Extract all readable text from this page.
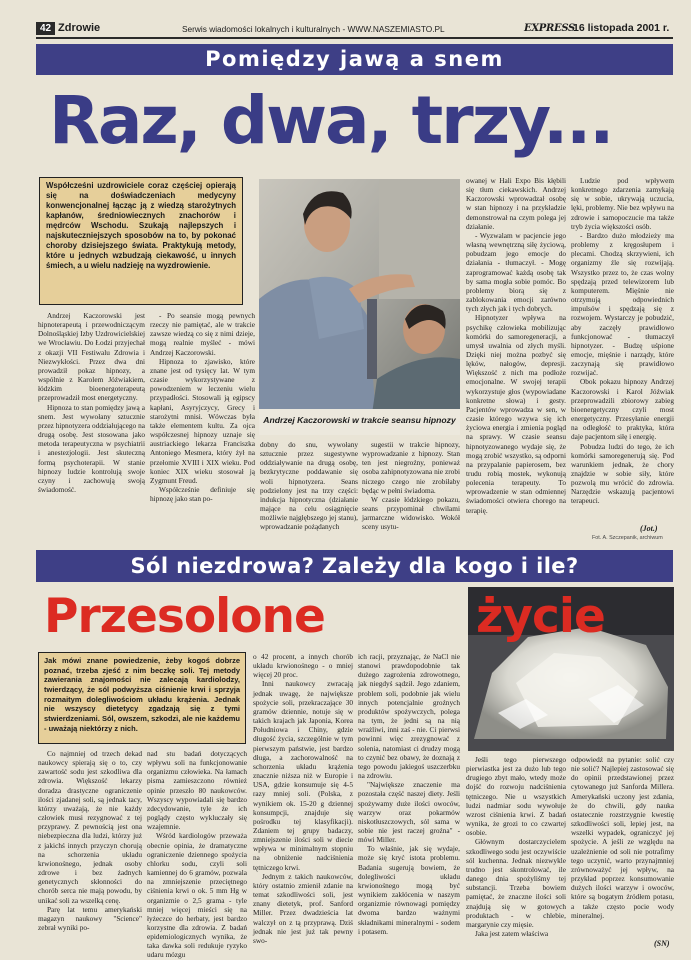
42 Zdrowie	Serwis wiadomości lokalnych i kulturalnych - WWW.NASZEMIASTO.PL	EXPRESS
16 listopada 2001 r.
Pomiędzy jawą a snem
Raz, dwa, trzy...
Współcześni uzdrowiciele coraz częściej opierają się na doświadczeniach medycyny konwencjonalnej łącząc ją z wiedzą starożytnych kapłanów, średniowiecznych znachorów i mędrców Wschodu. Szukają najlepszych i najskuteczniejszych sposobów na to, by pokonać choroby dzisiejszego świata. Praktykują metody, które u jednych wzbudzają ciekawość, u innych śmiech, a u wielu nadzieję na wyzdrowienie.
Andrzej Kaczorowski w trakcie seansu hipnozy

Andrzej Kaczorowski jest hipnoterapeutą i przewodniczącym Dolnośląskiej Izby Uzdrowicielskiej we Wrocławiu. Do Łodzi przyjechał z okazji VII Festiwalu Zdrowia i Niezwykłości. Przez dwa dni prowadził pokaz hipnozy, a wspólnie z Karolem Jóźwiakiem, łódzkim bioenergoterapeutą przeprowadził most energetyczny.

Hipnoza to stan pomiędzy jawą a snem. Jest wywołany sztucznie przez hipnotyzera oddziałującego na drugą osobę. Jest stosowana jako metoda terapeutyczna w psychiatrii i anestezjologii. Jest skuteczną formą psychoterapii. W stanie hipnozy ludzie kontrolują swoje czyny i zachowują swoją świadomość.

- Po seansie mogą pewnych rzeczy nie pamiętać, ale w trakcie zawsze wiedzą co się z nimi dzieje, mogą realnie myśleć - mówi Andrzej Kaczorowski.

Hipnoza to zjawisko, które znane jest od tysięcy lat. W tym czasie wykorzystywane z powodzeniem w leczeniu wielu przypadłości. Stosowali ją egipscy kapłani, Asyryjczycy, Grecy i starożytni mnisi. Wówczas była także elementem kultu. Za ojca współczesnej hipnozy uznaje się austriackiego lekarza Franciszka Antoniego Mesmera, który żył na przełomie XVIII i XIX wieku. Pod koniec XIX wieku stosował ją Zygmunt Freud.

Współcześnie definiuje się hipnozę jako stan po-

dobny do snu, wywołany sztucznie przez sugestywne oddziaływanie na drugą osobę, bezkrytyczne poddawanie się woli hipnotyzera. Seans podzielony jest na trzy części: indukcja hipnotyczna (działanie mające na celu osiągnięcie możliwie najgłębszego jej stanu), wprowadzanie pożądanych

sugestii w trakcie hipnozy, wyprowadzanie z hipnozy. Stan ten jest niegroźny, ponieważ osoba zahipnotyzowana nie zrobi niczego czego nie zrobiłaby będąc w pełni świadoma.

W czasie łódzkiego pokazu, seans przypominał chwilami jarmarczne widowisko. Wokół sceny usytu-

owanej w Hali Expo Bis kłębili się tłum ciekawskich. Andrzej Kaczorowski wprowadzał osobę w stan hipnozy i na przykładzie demonstrował na czym polega jej działanie.

- Wyzwalam w pacjencie jego własną wewnętrzną siłę życiową, pobudzam jego emocje do działania - tłumaczył. - Mogę zaprogramować każdą osobę tak by sama mogła sobie pomóc. Bo problemy biorą się z zablokowania emocji zarówno tych złych jak i tych dobrych.

Hipnotyzer wpływa na psychikę człowieka mobilizując komórki do samoregeneracji, a umysł uwalnia od złych myśli. Dzięki niej można pozbyć się lęków, nałogów, depresji. Większość z nich ma podłoże emocjonalne. W swojej terapii wykorzystuje głos (wypowiadane konkretne słowa) i gesty. Pacjentów wprowadza w sen, w czasie którego wzywa się ich życiowa energia i zmienia pogląd na sprawy. W czasie seansu hipnotyzowanego wydaje się, że mogą zrobić wszystko, są odporni na przypalanie papierosem, bez trudu robią mostek, wykonują polecenia terapeuty. To wprowadzenie w stan odmiennej świadomości otwiera chorego na terapię.

Ludzie pod wpływem konkretnego zdarzenia zamykają się w sobie, ukrywają uczucia, lęki, problemy. Nie bez wpływu na zdrowie i samopoczucie ma także tryb życia większości osób.

- Bardzo dużo młodzieży ma problemy z kręgosłupem i plecami. Chodzą skrzywieni, ich organizmy źle się rozwijają. Wszystko przez to, że czas wolny spędzają przed telewizorem lub komputerem. Mięśnie nie otrzymują odpowiednich impulsów i spędzają się z rozwojem. Wystarczy je pobudzić, aby zaczęły prawidłowo funkcjonować - tłumaczył hipnotyzer. - Budzę uśpione emocje, mięśnie i narządy, które zaczynają się prawidłowo rozwijać.

Obok pokazu hipnozy Andrzej Kaczorowski i Karol Jóźwiak przeprowadzili zbiorowy zabieg bioenergetyczny czyli most energetyczny. Przesyłanie energii na odległość to praktyka, która daje pacjentom siłę i energię.

Pobudza ludzi do tego, że ich komórki samoregenerują się. Pod warunkiem jednak, że chory znajdzie w sobie siły, które pozwolą mu wrócić do zdrowia. Narzędzie wskazują pacjentowi terapeuci.

(Jot.)
Fot. A. Szczepanik, archiwum
Sól niezdrowa? Zależy dla kogo i ile?
Przesolone	życie
Jak mówi znane powiedzenie, żeby kogoś dobrze poznać, trzeba zjeść z nim beczkę soli. Tej metody zawierania znajomości nie zalecają kardiolodzy, twierdzący, że sól podwyższa ciśnienie krwi i sprzyja rozmaitym dolegliwościom układu krążenia. Jednak nie wszyscy dietetycy zgadzają się z tymi stwierdzeniami. Sól, owszem, szkodzi, ale nie każdemu - uważają niektórzy z nich.

Co najmniej od trzech dekad naukowcy spierają się o to, czy zawartość sodu jest szkodliwa dla zdrowia. Większość lekarzy doradza drastyczne ograniczenie ilości zjadanej soli, są jednak tacy, którzy uważają, że nie każdy człowiek musi rezygnować z tej przyprawy. Z pewnością jest ona niebezpieczna dla ludzi, którzy już z jakichś innych przyczyn chorują na schorzenia układu krwionośnego, jednak osoby zdrowe i bez żadnych genetycznych skłonności do chorób serca nie mają powodu, by unikać soli za wszelką cenę.

Parę lat temu amerykański magazyn naukowy "Science" zebrał wyniki po-

nad stu badań dotyczących wpływu soli na funkcjonowanie organizmu człowieka. Na łamach pisma zamieszczono również opinie przeszło 80 naukowców. Wszyscy wypowiadali się bardzo zdecydowanie, tyle że ich poglądy często wykluczały się wzajemnie.

Wśród kardiologów przeważa obecnie opinia, że dramatyczne ograniczenie dziennego spożycia chlorku sodu, czyli soli kamiennej do 6 gramów, pozwala na zmniejszenie przeciętnego ciśnienia krwi o ok. 5 mm Hg w organizmie o 2,5 grama - tyle mniej więcej mieści się na łyżeczce do herbaty, jest bardzo korzystne dla zdrowia. Z badań epidemiologicznych wynika, że taka dawka soli redukuje ryzyko udaru mózgu

o 42 procent, a innych chorób układu krwionośnego - o mniej więcej 20 proc.

Inni naukowcy zwracają jednak uwagę, że największe spożycie soli, przekraczające 30 gramów dziennie, notuje się w takich krajach jak Japonia, Korea Południowa i Chiny, gdzie długość życia, szczególnie w tym pierwszym państwie, jest bardzo długa, a zachorowalność na schorzenia układu krążenia znacznie niższa niż w Europie i USA, gdzie konsumuje się 4-5 razy mniej soli. (Polska, z wynikiem ok. 15-20 g dziennej konsumpcji, znajduje się pośrodku tej klasyfikacji). Zdaniem tej grupy badaczy, zmniejszenie ilości soli w diecie wpływa w minimalnym stopniu na obniżenie nadciśnienia tętniczego krwi.

Jednym z takich naukowców, który ostatnio zmienił zdanie na temat szkodliwości soli, jest znany dietetyk, prof. Sanford Miller. Przez dwadzieścia lat walczył on z tą przyprawą. Dziś jednak nie jest już tak pewny swo-

ich racji, przyznając, że NaCl nie stanowi prawdopodobnie tak dużego zagrożenia zdrowotnego, jak niegdyś sądził. Jego zdaniem, problem soli, podobnie jak wielu innych potencjalnie groźnych produktów spożywczych, polega na tym, że jedni są na nią wrażliwi, inni zaś - nie. Ci pierwsi powinni więc zrezygnować z solenia, natomiast ci drudzy mogą to czynić bez obawy, że doznają z tego powodu jakiegoś uszczerbku na zdrowiu.

"Największe znaczenie ma pozostała część naszej diety. Jeśli spożywamy duże ilości owoców, warzyw oraz pokarmów niskotłuszczowych, sól sama w sobie nie jest raczej groźna" - mówi Miller.

To właśnie, jak się wydaje, może się kryć istota problemu. Badania sugerują bowiem, że dolegliwości układu krwionośnego mogą być wynikiem zakłócenia w naszym organizmie równowagi pomiędzy dwoma bardzo ważnymi składnikami mineralnymi - sodem i potasem.

Jeśli tego pierwszego pierwiastka jest za dużo lub tego drugiego zbyt mało, wtedy może dojść do rozwoju nadciśnienia tętniczego. Nie u wszystkich ludzi nadmiar sodu wywołuje wzrost ciśnienia krwi. Z badań wynika, że grozi to co czwartej osobie.

Głównym dostarczycielem szkodliwego sodu jest oczywiście sól kuchenna. Jednak niezwykle trudno jest skontrolować, ile danego dnia spożyliśmy tej substancji. Trzeba bowiem pamiętać, że znaczne ilości soli znajdują się w gotowych produktach - w chlebie, margarynie czy mięsie.

Jaka jest zatem właściwa

odpowiedź na pytanie: solić czy nie solić? Najlepiej zastosować się do opinii przedstawionej przez cytowanego już Sanforda Millera. Amerykański uczony jest zdania, że do chwili, gdy nauka ostatecznie rozstrzygnie kwestię szkodliwości soli, lepiej jest, na wszelki wypadek, ograniczyć jej spożycie. A jeśli ze względu na uzależnienie od soli nie potrafimy tego uczynić, warto przynajmniej zrównoważyć jej wpływ, na przykład poprzez konsumowanie dużych ilości warzyw i owoców, które są bogatym źródłem potasu, a także często pocie wody mineralnej.

(SN)
